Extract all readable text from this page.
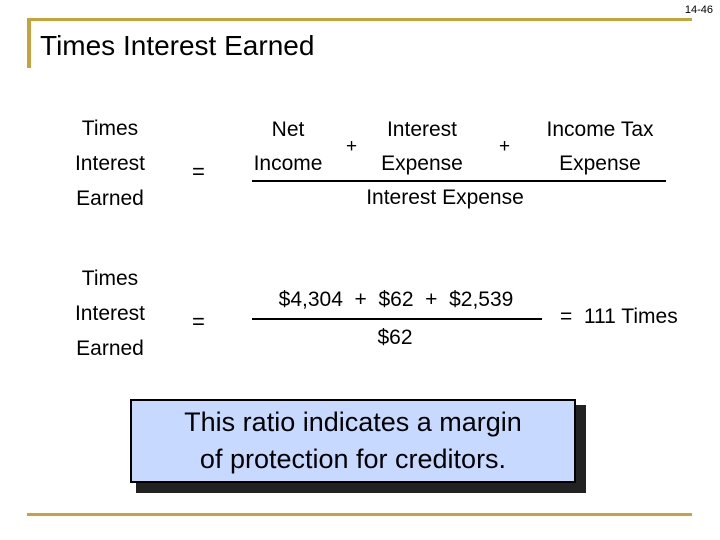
14-46
Times Interest Earned
Times
Interest
Earned
=
Net
Income
+
Interest
Expense
+
Income Tax
Expense
Interest Expense
Times
Interest
Earned
=
$4,304  +  $62  +  $2,539
$62
=  111 Times
This ratio indicates a margin
of protection for creditors.
